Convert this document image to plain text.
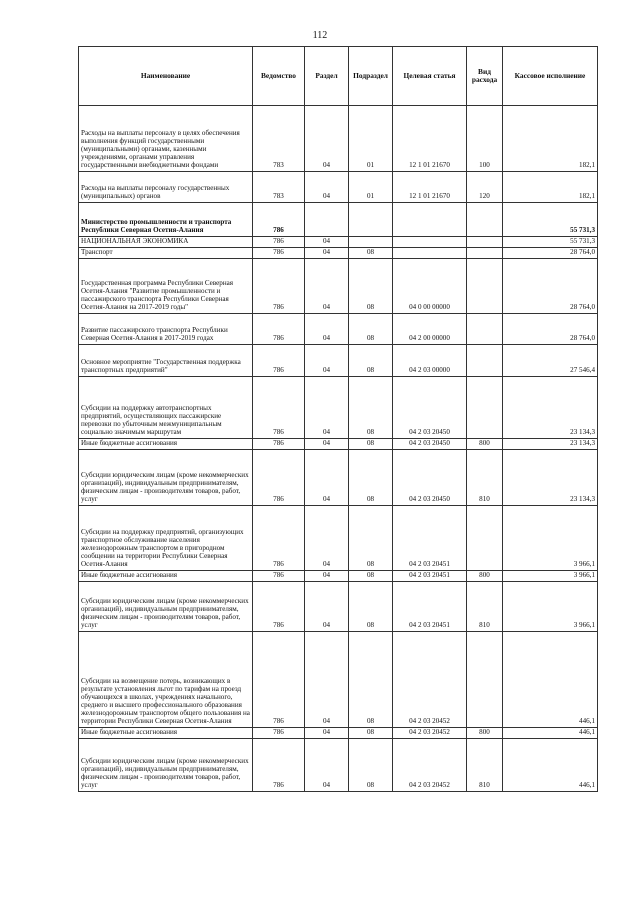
112
Наименование	Ведомство	Раздел	Подраздел	Целевая статья	Вид расхода	Кассовое исполнение
Расходы на выплаты персоналу в целях обеспечения выполнения функций государственными (муниципальными) органами, казенными учреждениями, органами управления государственными внебюджетными фондами	783	04	01	12 1 01 21670	100	182,1
Расходы на выплаты персоналу государственных (муниципальных) органов	783	04	01	12 1 01 21670	120	182,1
Министерство промышленности и транспорта Республики Северная Осетия-Алания	786					55 731,3
НАЦИОНАЛЬНАЯ ЭКОНОМИКА	786	04				55 731,3
Транспорт	786	04	08			28 764,0
Государственная программа Республики Северная Осетия-Алания "Развитие промышленности и пассажирского транспорта Республики Северная Осетия-Алания на 2017-2019 годы"	786	04	08	04 0 00 00000		28 764,0
Развитие пассажирского транспорта Республики Северная Осетия-Алания в 2017-2019 годах	786	04	08	04 2 00 00000		28 764,0
Основное мероприятие "Государственная поддержка транспортных предприятий"	786	04	08	04 2 03 00000		27 546,4
Субсидии на поддержку автотранспортных предприятий, осуществляющих пассажирские перевозки по убыточным межмуниципальным социально значимым маршрутам	786	04	08	04 2 03 20450		23 134,3
Иные бюджетные ассигнования	786	04	08	04 2 03 20450	800	23 134,3
Субсидии юридическим лицам (кроме некоммерческих организаций), индивидуальным предпринимателям, физическим лицам - производителям товаров, работ, услуг	786	04	08	04 2 03 20450	810	23 134,3
Субсидии на поддержку предприятий, организующих транспортное обслуживание населения железнодорожным транспортом в пригородном сообщении на территории Республики Северная Осетия-Алания	786	04	08	04 2 03 20451		3 966,1
Иные бюджетные ассигнования	786	04	08	04 2 03 20451	800	3 966,1
Субсидии юридическим лицам (кроме некоммерческих организаций), индивидуальным предпринимателям, физическим лицам - производителям товаров, работ, услуг	786	04	08	04 2 03 20451	810	3 966,1
Субсидии на возмещение потерь, возникающих в результате установления льгот по тарифам на проезд обучающихся в школах, учреждениях начального, среднего и высшего профессионального образования железнодорожным транспортом общего пользования на территории Республики Северная Осетия-Алания	786	04	08	04 2 03 20452		446,1
Иные бюджетные ассигнования	786	04	08	04 2 03 20452	800	446,1
Субсидии юридическим лицам (кроме некоммерческих организаций), индивидуальным предпринимателям, физическим лицам - производителям товаров, работ, услуг	786	04	08	04 2 03 20452	810	446,1
